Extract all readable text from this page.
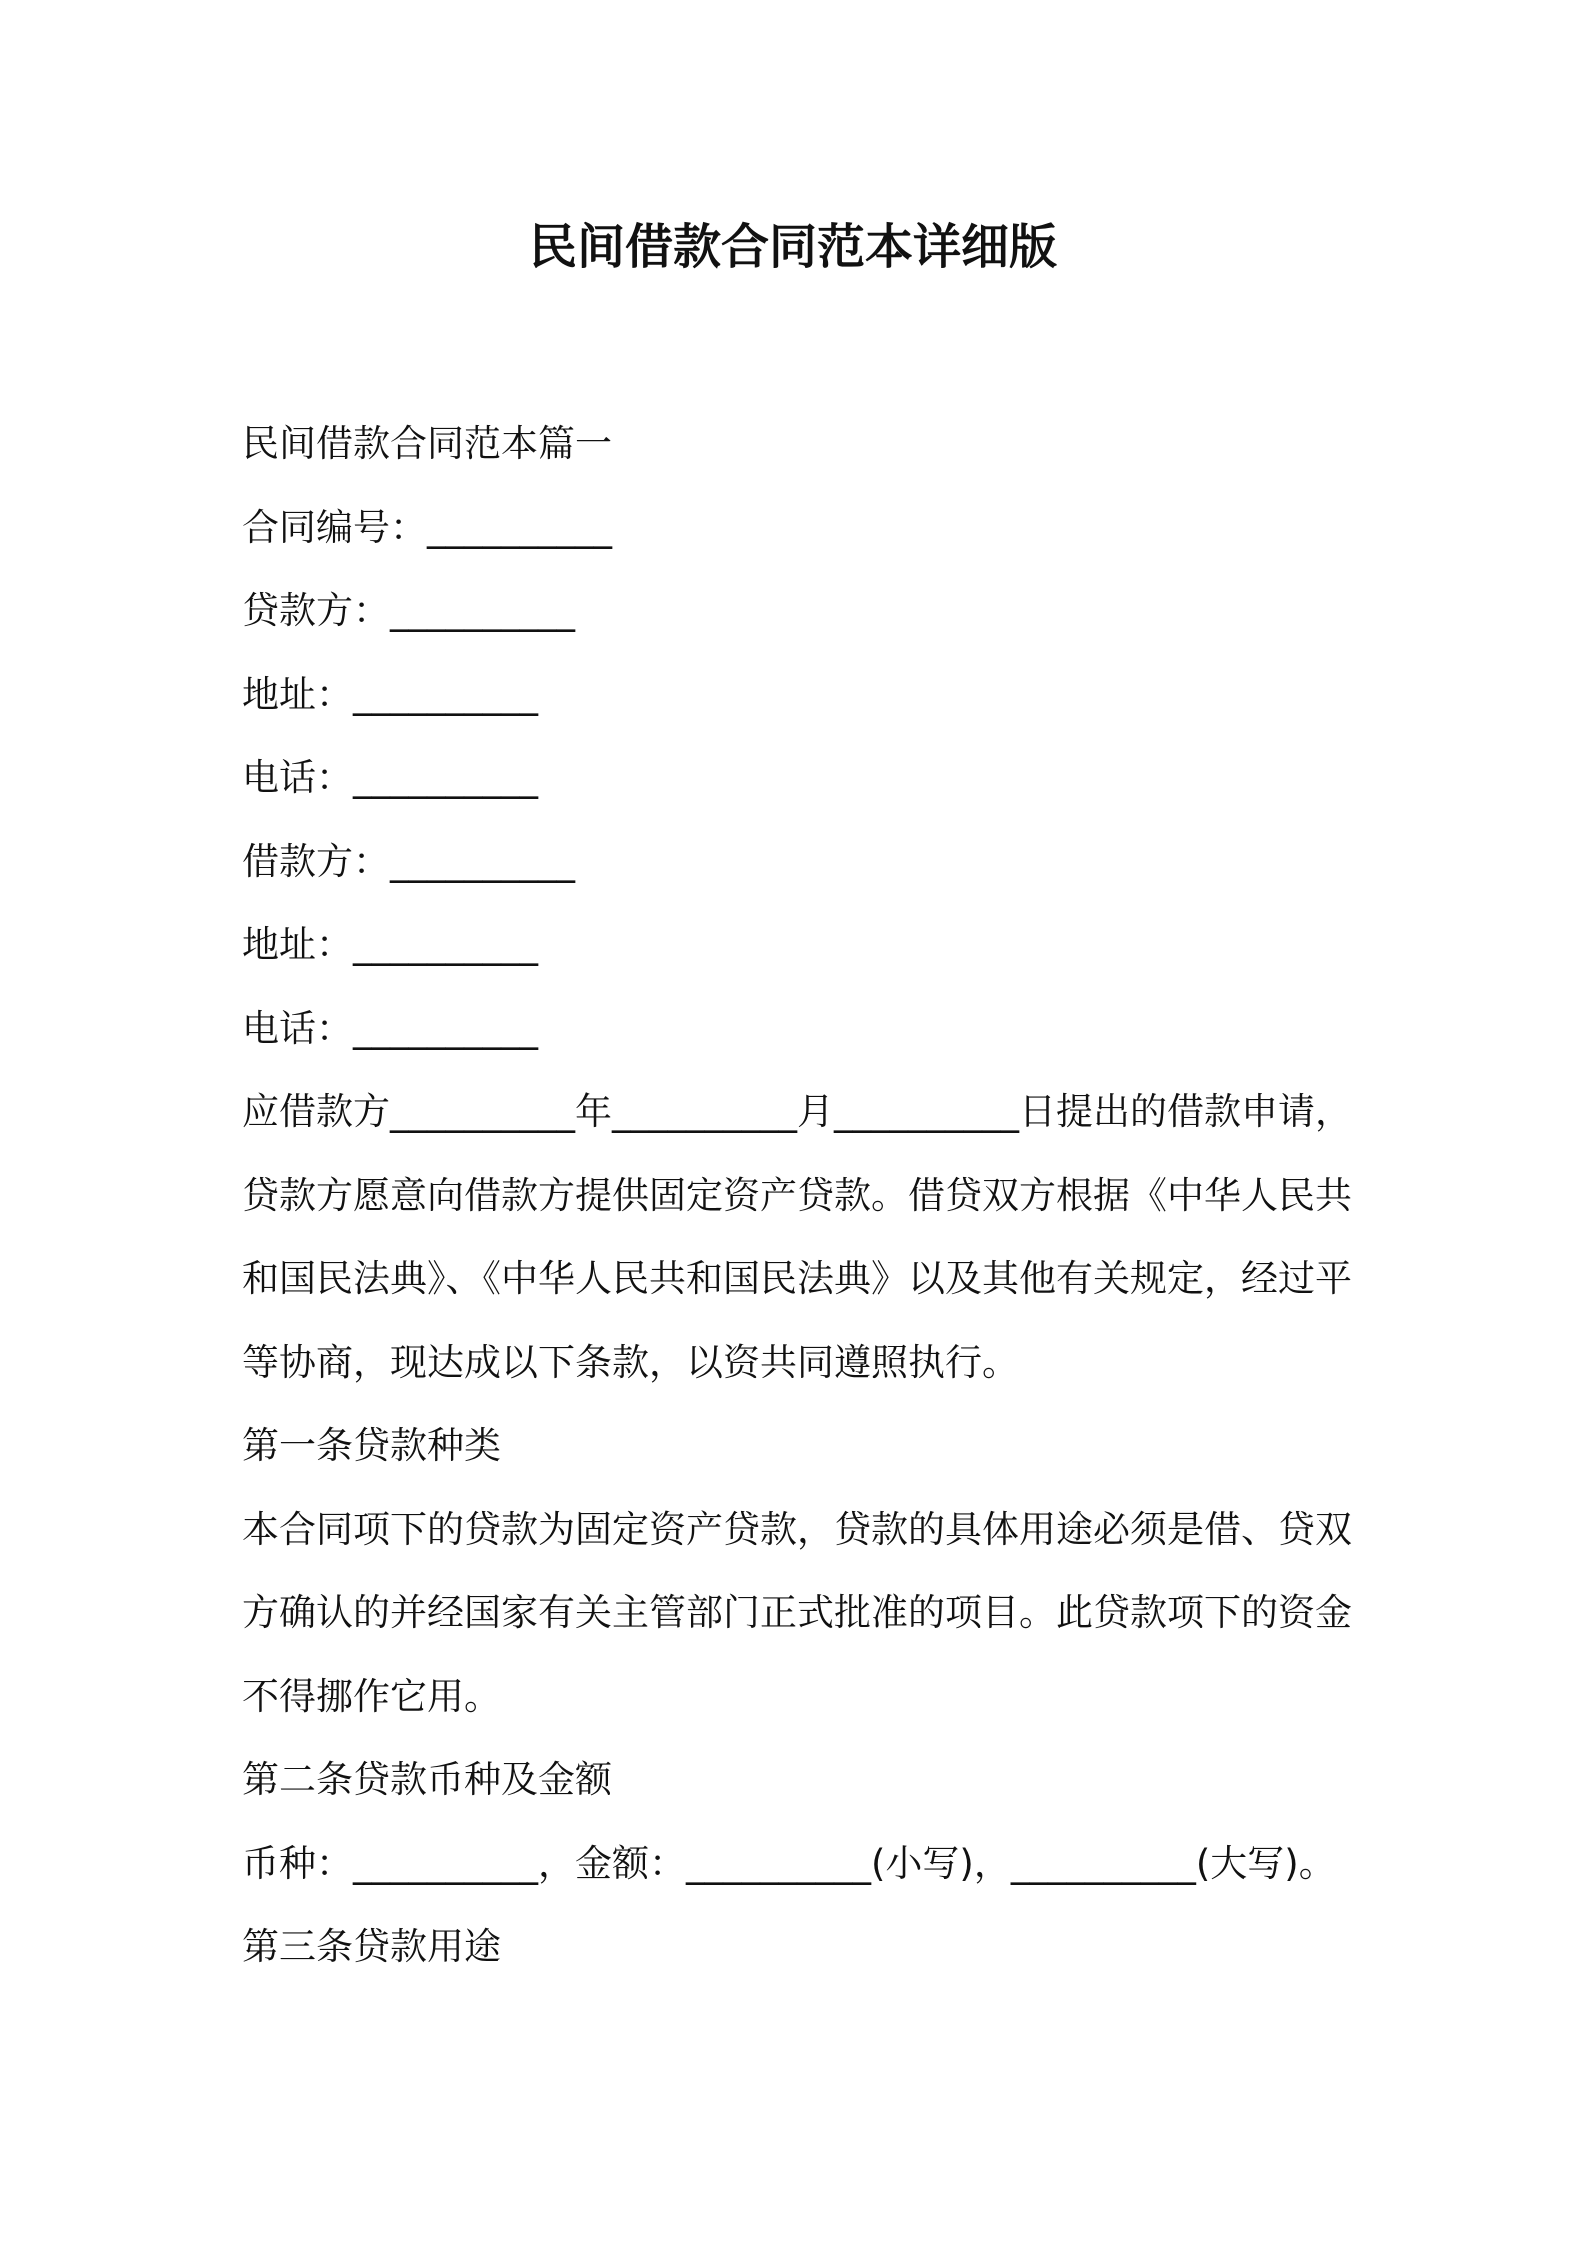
民间借款合同范本详细版
民间借款合同范本篇一
合同编号：__________
贷款方：__________
地址：__________
电话：__________
借款方：__________
地址：__________
电话：__________
应借款方__________年__________月__________日提出的借款申请，
贷款方愿意向借款方提供固定资产贷款。借贷双方根据《中华人民共
和国民法典》、《中华人民共和国民法典》以及其他有关规定，经过平
等协商，现达成以下条款，以资共同遵照执行。
第一条贷款种类
本合同项下的贷款为固定资产贷款，贷款的具体用途必须是借、贷双
方确认的并经国家有关主管部门正式批准的项目。此贷款项下的资金
不得挪作它用。
第二条贷款币种及金额
币种：__________，金额：__________(小写)，__________(大写)。
第三条贷款用途
